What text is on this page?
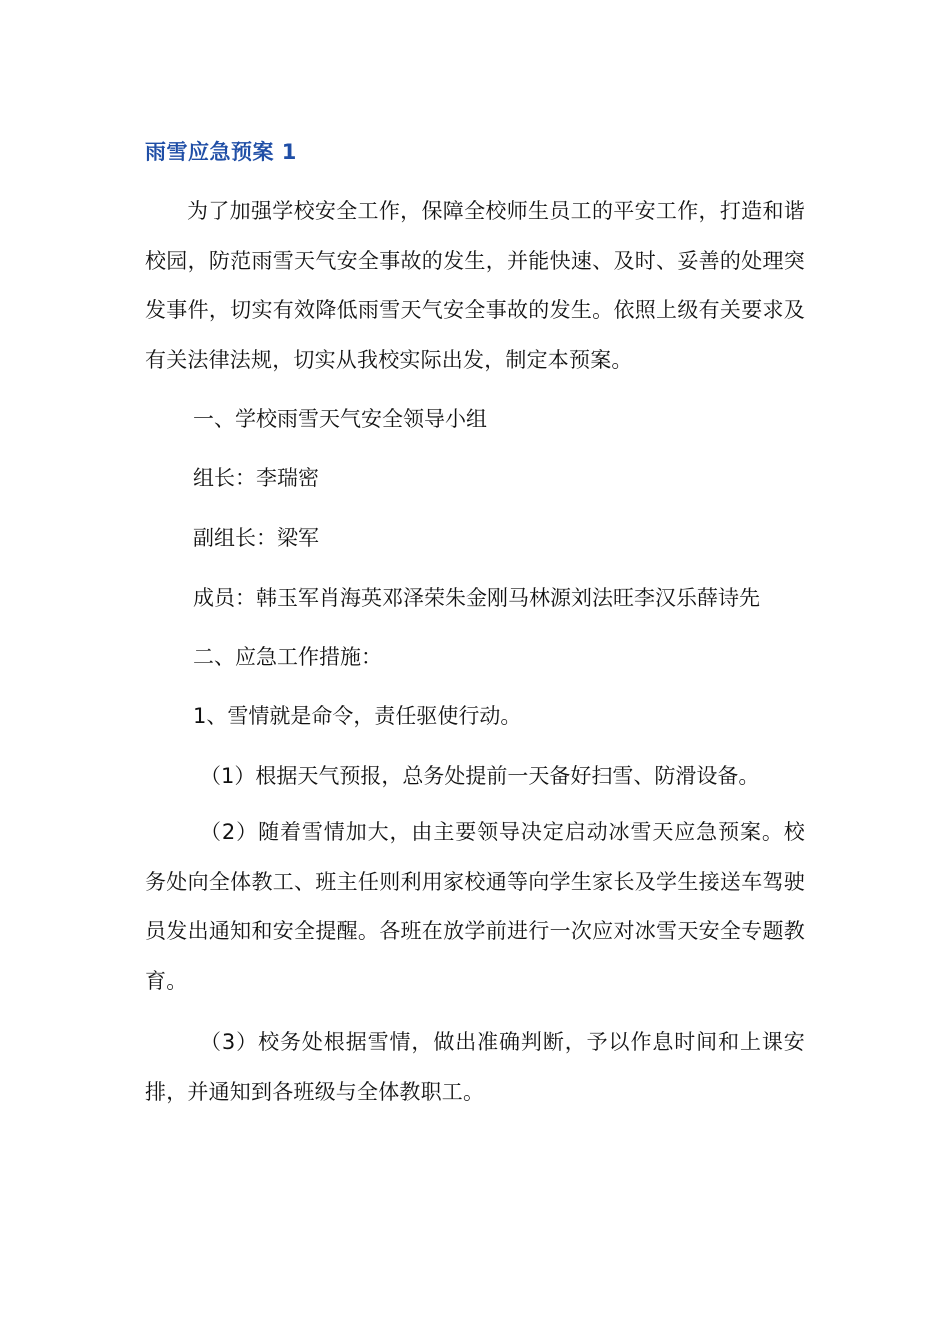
雨雪应急预案 1

为了加强学校安全工作，保障全校师生员工的平安工作，打造和谐校园，防范雨雪天气安全事故的发生，并能快速、及时、妥善的处理突发事件，切实有效降低雨雪天气安全事故的发生。依照上级有关要求及有关法律法规，切实从我校实际出发，制定本预案。

一、学校雨雪天气安全领导小组

组长：李瑞密

副组长：梁军

成员：韩玉军肖海英邓泽荣朱金刚马林源刘法旺李汉乐薛诗先

二、应急工作措施：

1、雪情就是命令，责任驱使行动。

（1）根据天气预报，总务处提前一天备好扫雪、防滑设备。

（2）随着雪情加大，由主要领导决定启动冰雪天应急预案。校务处向全体教工、班主任则利用家校通等向学生家长及学生接送车驾驶员发出通知和安全提醒。各班在放学前进行一次应对冰雪天安全专题教育。

（3）校务处根据雪情，做出准确判断，予以作息时间和上课安排，并通知到各班级与全体教职工。
